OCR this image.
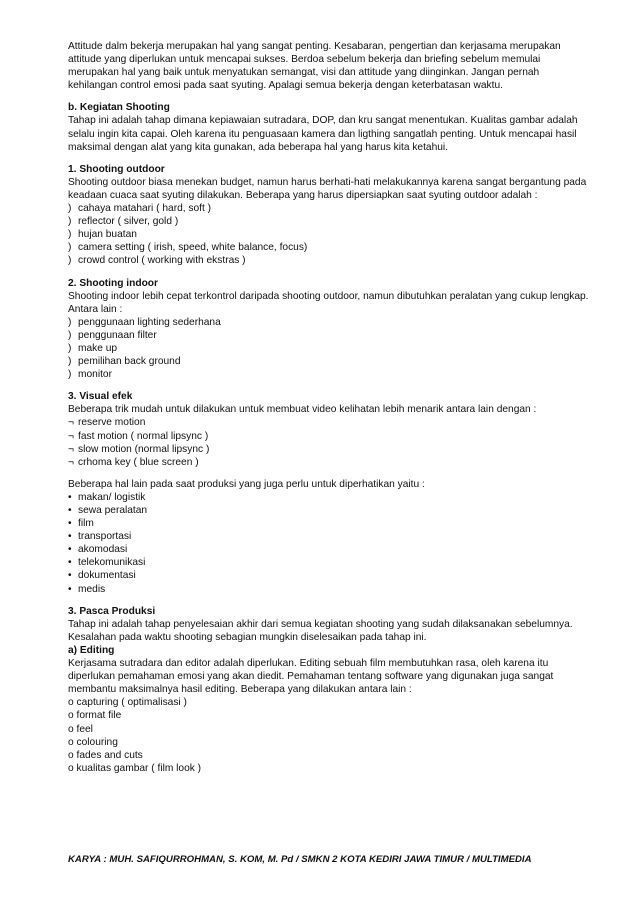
Attitude dalm bekerja merupakan hal yang sangat penting. Kesabaran, pengertian dan kerjasama merupakan attitude yang diperlukan untuk mencapai sukses. Berdoa sebelum bekerja dan briefing sebelum memulai merupakan hal yang baik untuk menyatukan semangat, visi dan attitude yang diinginkan. Jangan pernah kehilangan control emosi pada saat syuting. Apalagi semua bekerja dengan keterbatasan waktu.

b. Kegiatan Shooting

Tahap ini adalah tahap dimana kepiawaian sutradara, DOP, dan kru sangat menentukan. Kualitas gambar adalah selalu ingin kita capai. Oleh karena itu penguasaan kamera dan ligthing sangatlah penting. Untuk mencapai hasil maksimal dengan alat yang kita gunakan, ada beberapa hal yang harus kita ketahui.

1. Shooting outdoor

Shooting outdoor biasa menekan budget, namun harus berhati-hati melakukannya karena sangat bergantung pada keadaan cuaca saat syuting dilakukan. Beberapa yang harus dipersiapkan saat syuting outdoor adalah :

) cahaya matahari ( hard, soft )

) reflector ( silver, gold )

) hujan buatan

) camera setting ( irish, speed, white balance, focus)

) crowd control ( working with ekstras )

2. Shooting indoor

Shooting indoor lebih cepat terkontrol daripada shooting outdoor, namun dibutuhkan peralatan yang cukup lengkap. Antara lain :

) penggunaan lighting sederhana

) penggunaan filter

) make up

) pemilihan back ground

) monitor

3. Visual efek

Beberapa trik mudah untuk dilakukan untuk membuat video kelihatan lebih menarik antara lain dengan :

¬ reserve motion

¬ fast motion ( normal lipsync )

¬ slow motion (normal lipsync )

¬ crhoma key ( blue screen )

Beberapa hal lain pada saat produksi yang juga perlu untuk diperhatikan yaitu :

• makan/ logistik

• sewa peralatan

• film

• transportasi

• akomodasi

• telekomunikasi

• dokumentasi

• medis

3. Pasca Produksi

Tahap ini adalah tahap penyelesaian akhir dari semua kegiatan shooting yang sudah dilaksanakan sebelumnya. Kesalahan pada waktu shooting sebagian mungkin diselesaikan pada tahap ini.

a) Editing

Kerjasama sutradara dan editor adalah diperlukan. Editing sebuah film membutuhkan rasa, oleh karena itu diperlukan pemahaman emosi yang akan diedit. Pemahaman tentang software yang digunakan juga sangat membantu maksimalnya hasil editing. Beberapa yang dilakukan antara lain :

o capturing ( optimalisasi )

o format file

o feel

o colouring

o fades and cuts

o kualitas gambar ( film look )

KARYA : MUH. SAFIQURROHMAN, S. KOM, M. Pd / SMKN 2 KOTA KEDIRI JAWA TIMUR / MULTIMEDIA
